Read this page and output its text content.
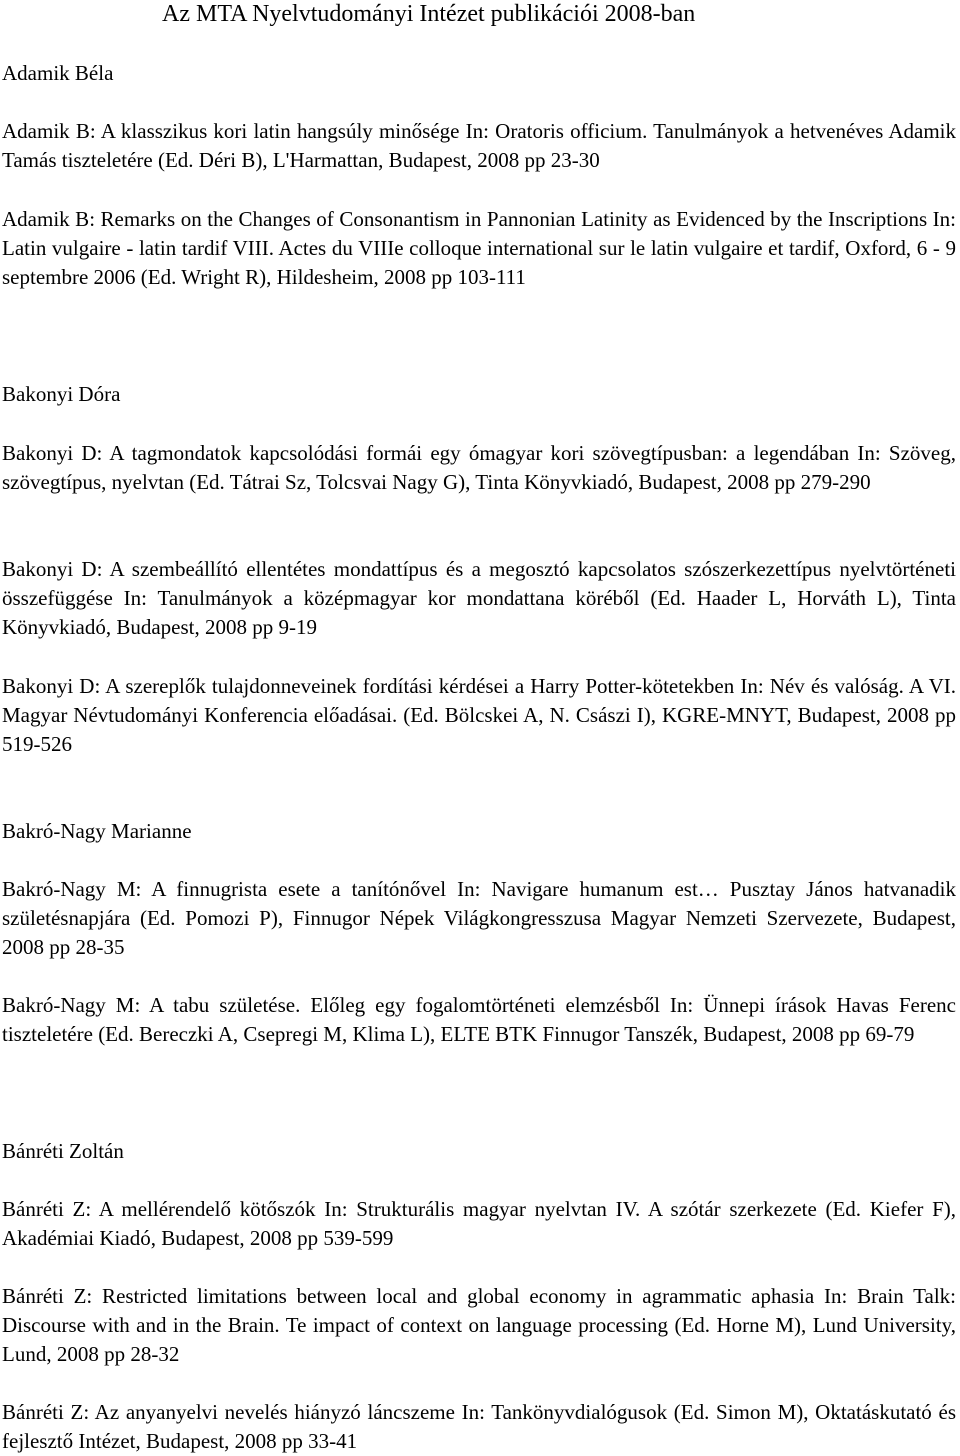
Az MTA Nyelvtudományi Intézet publikációi 2008-ban
Adamik Béla

Adamik B: A klasszikus kori latin hangsúly minősége In: Oratoris officium. Tanulmányok a hetvenéves Adamik Tamás tiszteletére (Ed. Déri B), L'Harmattan, Budapest, 2008 pp 23-30

Adamik B: Remarks on the Changes of Consonantism in Pannonian Latinity as Evidenced by the Inscriptions In: Latin vulgaire - latin tardif VIII. Actes du VIIIe colloque international sur le latin vulgaire et tardif, Oxford, 6 - 9 septembre 2006 (Ed. Wright R), Hildesheim, 2008 pp 103-111

Bakonyi Dóra

Bakonyi D: A tagmondatok kapcsolódási formái egy ómagyar kori szövegtípusban: a legendában In: Szöveg, szövegtípus, nyelvtan (Ed. Tátrai Sz, Tolcsvai Nagy G), Tinta Könyvkiadó, Budapest, 2008 pp 279-290

Bakonyi D: A szembeállító ellentétes mondattípus és a megosztó kapcsolatos szószerkezettípus nyelvtörténeti összefüggése In: Tanulmányok a középmagyar kor mondattana köréből (Ed. Haader L, Horváth L), Tinta Könyvkiadó, Budapest, 2008 pp 9-19

Bakonyi D: A szereplők tulajdonneveinek fordítási kérdései a Harry Potter-kötetekben In: Név és valóság. A VI. Magyar Névtudományi Konferencia előadásai. (Ed. Bölcskei A, N. Császi I), KGRE-MNYT, Budapest, 2008 pp 519-526

Bakró-Nagy Marianne

Bakró-Nagy M: A finnugrista esete a tanítónővel In: Navigare humanum est… Pusztay János hatvanadik születésnapjára (Ed. Pomozi P), Finnugor Népek Világkongresszusa Magyar Nemzeti Szervezete, Budapest, 2008 pp 28-35

Bakró-Nagy M: A tabu születése. Előleg egy fogalomtörténeti elemzésből In: Ünnepi írások Havas Ferenc tiszteletére (Ed. Bereczki A, Csepregi M, Klima L), ELTE BTK Finnugor Tanszék, Budapest, 2008 pp 69-79

Bánréti Zoltán

Bánréti Z: A mellérendelő kötőszók In: Strukturális magyar nyelvtan IV. A szótár szerkezete (Ed. Kiefer F), Akadémiai Kiadó, Budapest, 2008 pp 539-599

Bánréti Z: Restricted limitations between local and global economy in agrammatic aphasia In: Brain Talk: Discourse with and in the Brain. Te impact of context on language processing (Ed. Horne M), Lund University, Lund, 2008 pp 28-32

Bánréti Z: Az anyanyelvi nevelés hiányzó láncszeme In: Tankönyvdialógusok (Ed. Simon M), Oktatáskutató és fejlesztő Intézet, Budapest, 2008 pp 33-41
